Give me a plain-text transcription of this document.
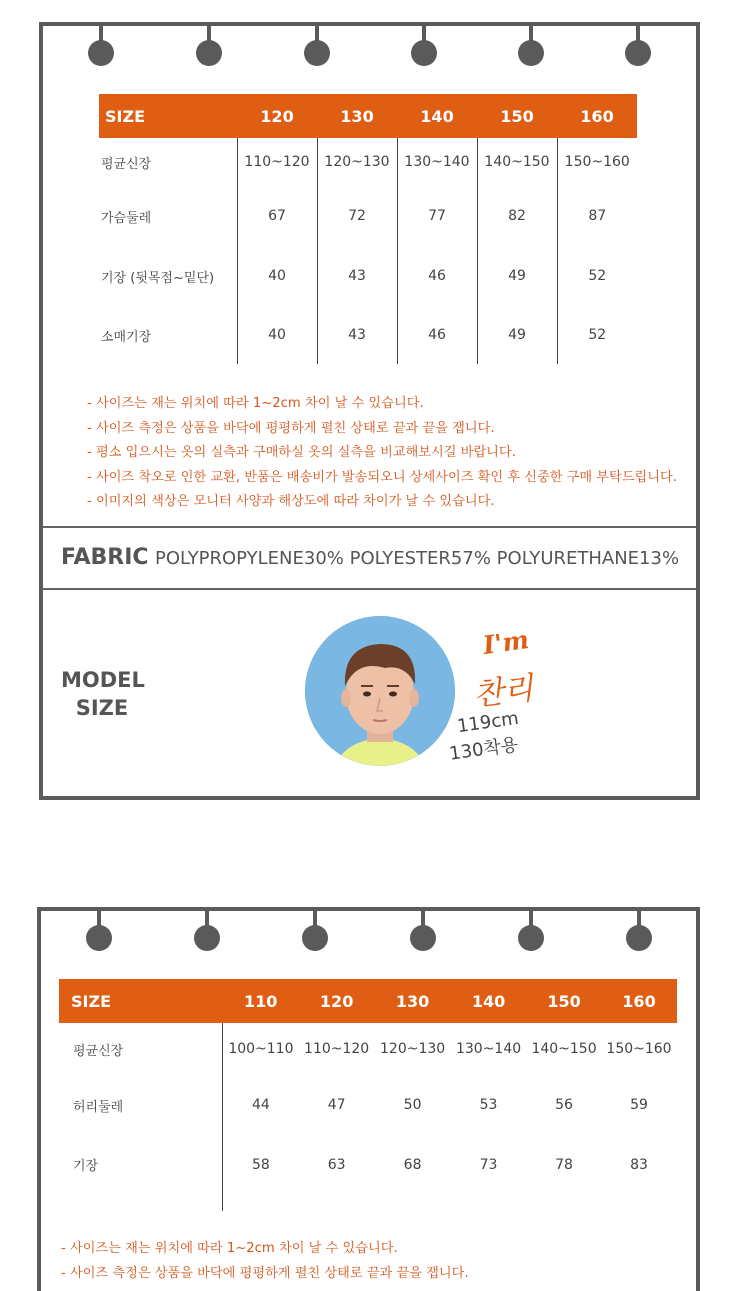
SIZE	120	130	140	150	160
평균신장	110~120	120~130	130~140	140~150	150~160
가슴둘레	67	72	77	82	87
기장 (뒷목점~밑단)	40	43	46	49	52
소매기장	40	43	46	49	52
- 사이즈는 재는 위치에 따라 1~2cm 차이 날 수 있습니다.
- 사이즈 측정은 상품을 바닥에 평평하게 펼친 상태로 끝과 끝을 잽니다.
- 평소 입으시는 옷의 실측과 구매하실 옷의 실측을 비교해보시길 바랍니다.
- 사이즈 착오로 인한 교환, 반품은 배송비가 발송되오니 상세사이즈 확인 후 신중한 구매 부탁드립니다.
- 이미지의 색상은 모니터 사양과 해상도에 따라 차이가 날 수 있습니다.
FABRIC POLYPROPYLENE30% POLYESTER57% POLYURETHANE13%
MODEL
SIZE
I'm
찬리
119cm
130착용
SIZE	110	120	130	140	150	160
평균신장	100~110	110~120	120~130	130~140	140~150	150~160
허리둘레	44	47	50	53	56	59
기장	58	63	68	73	78	83
- 사이즈는 재는 위치에 따라 1~2cm 차이 날 수 있습니다.
- 사이즈 측정은 상품을 바닥에 평평하게 펼친 상태로 끝과 끝을 잽니다.
